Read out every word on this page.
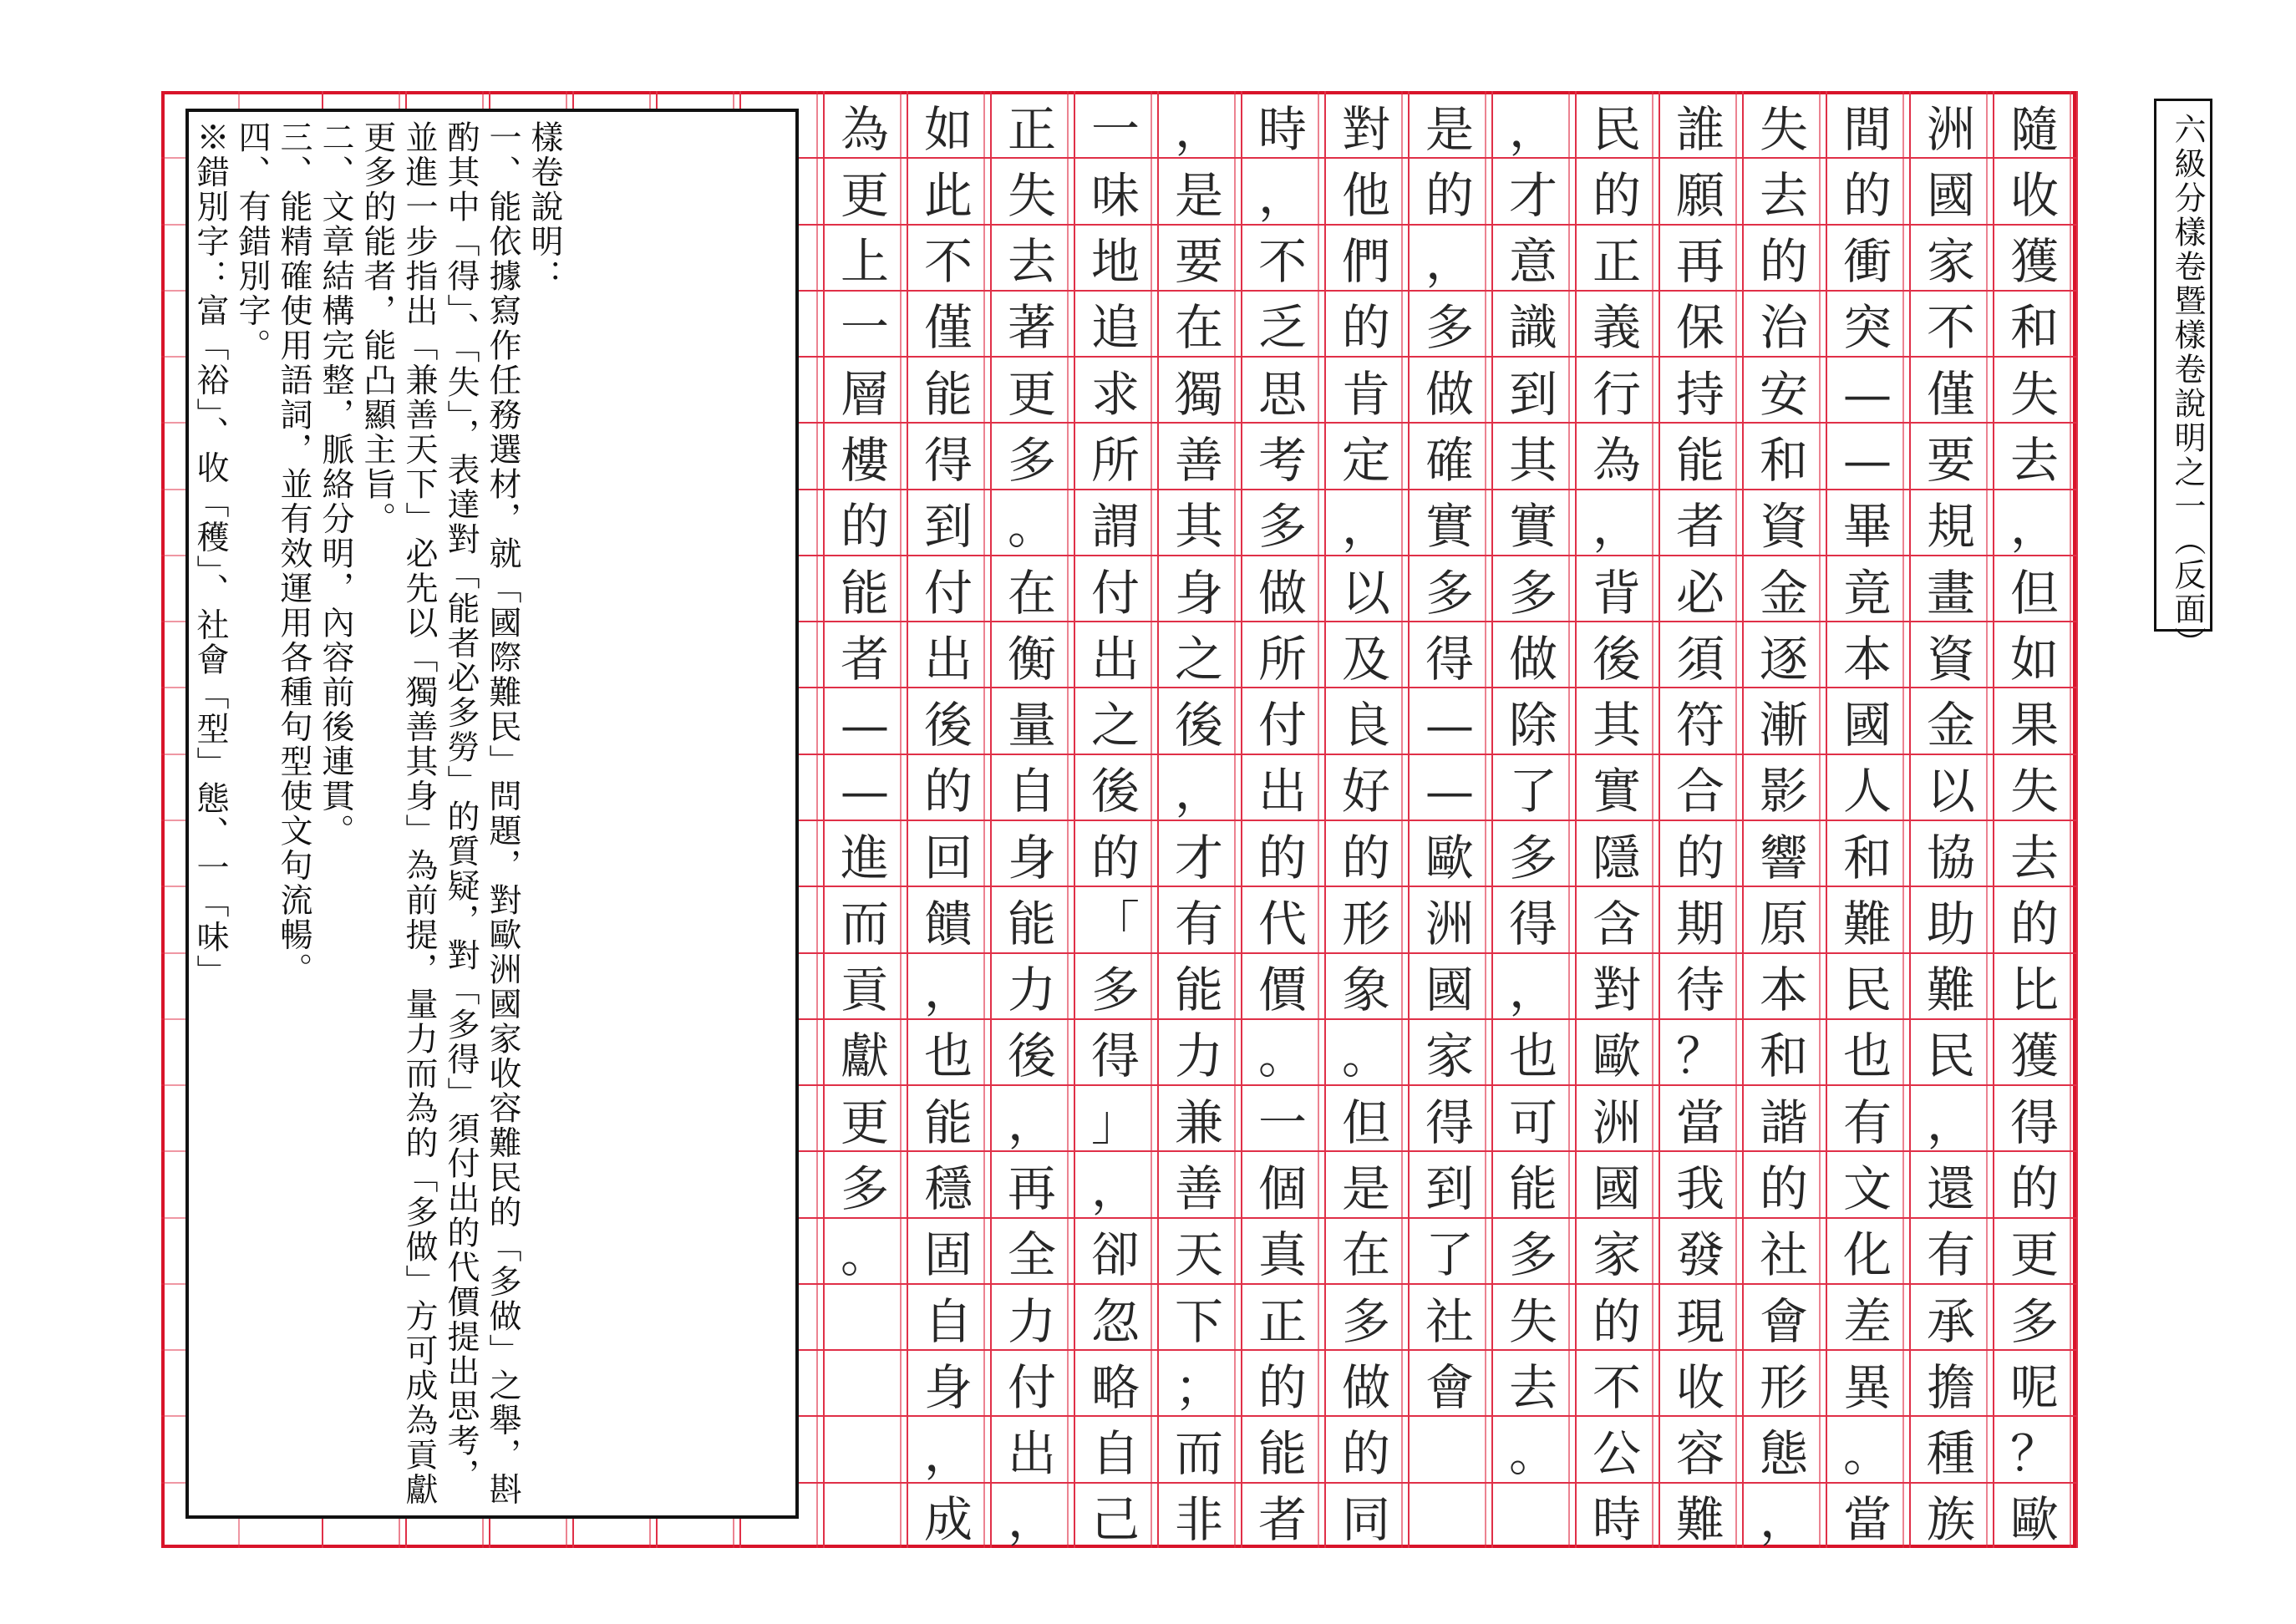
隨
收
獲
和
失
去
，
但
如
果
失
去
的
比
獲
得
的
更
多
呢
？
歐
洲
國
家
不
僅
要
規
畫
資
金
以
協
助
難
民
，
還
有
承
擔
種
族
間
的
衝
突
—
—
畢
竟
本
國
人
和
難
民
也
有
文
化
差
異
。
當
失
去
的
治
安
和
資
金
逐
漸
影
響
原
本
和
諧
的
社
會
形
態
，
誰
願
再
保
持
能
者
必
須
符
合
的
期
待
？
當
我
發
現
收
容
難
民
的
正
義
行
為
，
背
後
其
實
隱
含
對
歐
洲
國
家
的
不
公
時
，
才
意
識
到
其
實
多
做
除
了
多
得
，
也
可
能
多
失
去
。
是
的
，
多
做
確
實
多
得
—
—
歐
洲
國
家
得
到
了
社
會
對
他
們
的
肯
定
，
以
及
良
好
的
形
象
。
但
是
在
多
做
的
同
時
，
不
乏
思
考
多
做
所
付
出
的
代
價
。
一
個
真
正
的
能
者
，
是
要
在
獨
善
其
身
之
後
，
才
有
能
力
兼
善
天
下
；
而
非
一
味
地
追
求
所
謂
付
出
之
後
的
「
多
得
」
，
卻
忽
略
自
己
正
失
去
著
更
多
。
在
衡
量
自
身
能
力
後
，
再
全
力
付
出
，
如
此
不
僅
能
得
到
付
出
後
的
回
饋
，
也
能
穩
固
自
身
，
成
為
更
上
一
層
樓
的
能
者
—
—
進
而
貢
獻
更
多
。
樣卷說明：
一、能依據寫作任務選材，就「國際難民」問題，對歐洲國家收容難民的「多做」之舉，斟酌其中「得」、「失」，表達對「能者必多勞」的質疑，對「多得」須付出的代價提出思考，並進一步指出「兼善天下」必先以「獨善其身」為前提，量力而為的「多做」方可成為貢獻更多的能者，能凸顯主旨。
二、文章結構完整，脈絡分明，內容前後連貫。
三、能精確使用語詞，並有效運用各種句型使文句流暢。
四、有錯別字。
※錯別字：富「裕」、收「穫」、社會「型」態、一「味」	六級分樣卷暨樣卷說明之一（反面）
